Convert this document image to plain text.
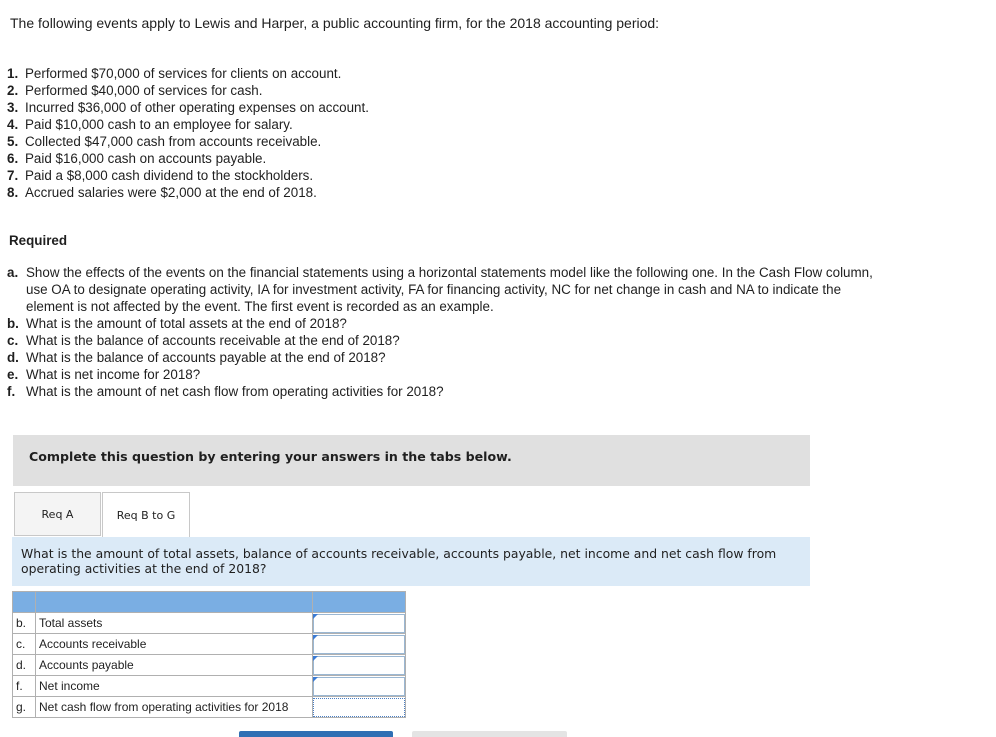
The following events apply to Lewis and Harper, a public accounting firm, for the 2018 accounting period:
1. Performed $70,000 of services for clients on account.
2. Performed $40,000 of services for cash.
3. Incurred $36,000 of other operating expenses on account.
4. Paid $10,000 cash to an employee for salary.
5. Collected $47,000 cash from accounts receivable.
6. Paid $16,000 cash on accounts payable.
7. Paid a $8,000 cash dividend to the stockholders.
8. Accrued salaries were $2,000 at the end of 2018.
Required
a. Show the effects of the events on the financial statements using a horizontal statements model like the following one. In the Cash Flow column, use OA to designate operating activity, IA for investment activity, FA for financing activity, NC for net change in cash and NA to indicate the element is not affected by the event. The first event is recorded as an example.
b. What is the amount of total assets at the end of 2018?
c. What is the balance of accounts receivable at the end of 2018?
d. What is the balance of accounts payable at the end of 2018?
e. What is net income for 2018?
f. What is the amount of net cash flow from operating activities for 2018?
Complete this question by entering your answers in the tabs below.
Req A	Req B to G
What is the amount of total assets, balance of accounts receivable, accounts payable, net income and net cash flow from operating activities at the end of 2018?

b.	Total assets	

c.	Accounts receivable	

d.	Accounts payable	

f.	Net income	

g.	Net cash flow from operating activities for 2018	
